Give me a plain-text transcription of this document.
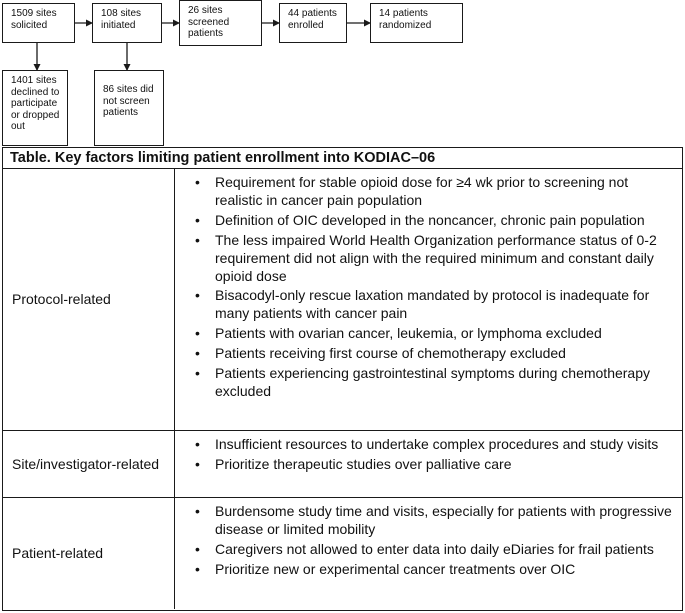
1509 sites solicited
108 sites initiated
26 sites screened patients
44 patients enrolled
14 patients randomized
1401 sites declined to participate or dropped out
86 sites did not screen patients
Table. Key factors limiting patient enrollment into KODIAC–06
Protocol-related
• Requirement for stable opioid dose for ≥4 wk prior to screening not realistic in cancer pain population
• Definition of OIC developed in the noncancer, chronic pain population
• The less impaired World Health Organization performance status of 0-2 requirement did not align with the required minimum and constant daily opioid dose
• Bisacodyl-only rescue laxation mandated by protocol is inadequate for many patients with cancer pain
• Patients with ovarian cancer, leukemia, or lymphoma excluded
• Patients receiving first course of chemotherapy excluded
• Patients experiencing gastrointestinal symptoms during chemotherapy excluded
Site/investigator-related
• Insufficient resources to undertake complex procedures and study visits
• Prioritize therapeutic studies over palliative care
Patient-related
• Burdensome study time and visits, especially for patients with progressive disease or limited mobility
• Caregivers not allowed to enter data into daily eDiaries for frail patients
• Prioritize new or experimental cancer treatments over OIC
